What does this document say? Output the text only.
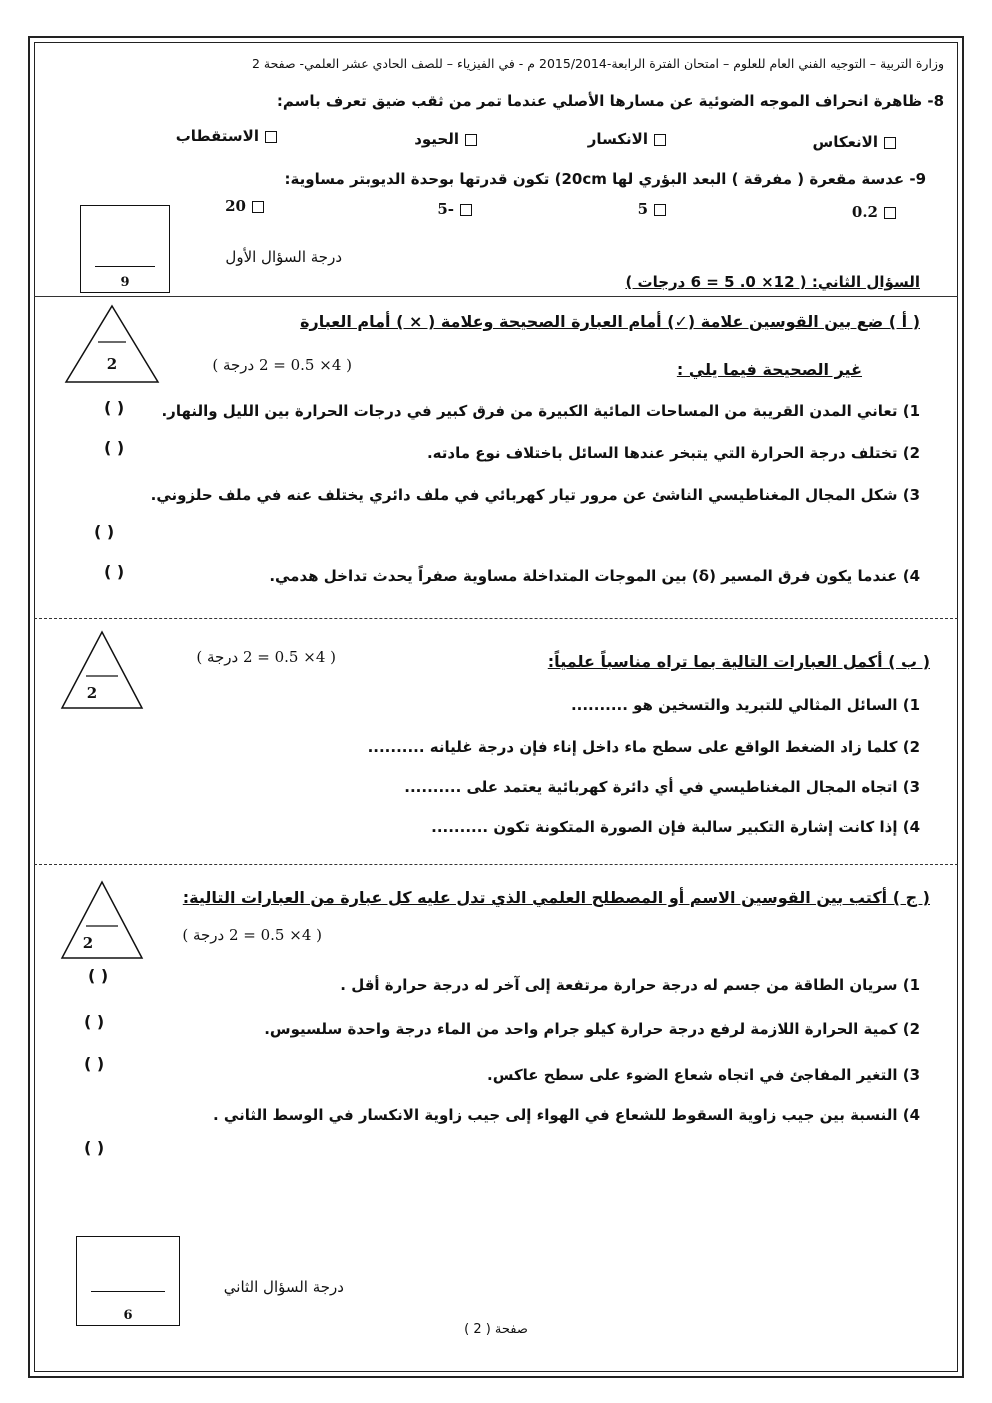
وزارة التربية – التوجيه الفني العام للعلوم – امتحان الفترة الرابعة-2015/2014 م - في الفيزياء – للصف الحادي عشر العلمي- صفحة 2
8- ظاهرة انحراف الموجه الضوئية عن مسارها الأصلي عندما تمر من ثقب ضيق تعرف باسم:
الانعكاس
الانكسار
الحيود
الاستقطاب
9- عدسة مقعرة ( مفرقة ) البعد البؤري لها 20cm) تكون قدرتها بوحدة الديوبتر مساوية:
0.2
5
-5
20
9
درجة السؤال الأول
السؤال الثاني: ( 12× 0. 5 = 6 درجات )
2
( أ ) ضع بين القوسين علامة (✓) أمام العبارة الصحيحة وعلامة ( × ) أمام العبارة
غير الصحيحة فيما يلي :
( 4× 0.5 = 2 درجة )
1) تعاني المدن القريبة من المساحات المائية الكبيرة من فرق كبير في درجات الحرارة بين الليل والنهار.
( )
2) تختلف درجة الحرارة التي يتبخر عندها السائل باختلاف نوع مادته.
( )
3) شكل المجال المغناطيسي الناشئ عن مرور تيار كهربائي في ملف دائري يختلف عنه في ملف حلزوني.
( )
4) عندما يكون فرق المسير (δ) بين الموجات المتداخلة مساوية صفراً يحدث تداخل هدمي.
( )
2
( ب ) أكمل العبارات التالية بما تراه مناسباً علمياً:
( 4× 0.5 = 2 درجة )
1) السائل المثالي للتبريد والتسخين هو ..........
2) كلما زاد الضغط الواقع على سطح ماء داخل إناء فإن درجة غليانه ..........
3) اتجاه المجال المغناطيسي في أي دائرة كهربائية يعتمد على ..........
4) إذا كانت إشارة التكبير سالبة فإن الصورة المتكونة تكون ..........
2
( ج ) أكتب بين القوسين الاسم أو المصطلح العلمي الذي تدل عليه كل عبارة من العبارات التالية:
( 4× 0.5 = 2 درجة )
1) سريان الطاقة من جسم له درجة حرارة مرتفعة إلى آخر له درجة حرارة أقل .
( )
2) كمية الحرارة اللازمة لرفع درجة حرارة كيلو جرام واحد من الماء درجة واحدة سلسيوس.
( )
3) التغير المفاجئ في اتجاه شعاع الضوء على سطح عاكس.
( )
4) النسبة بين جيب زاوية السقوط للشعاع في الهواء إلى جيب زاوية الانكسار في الوسط الثاني .
( )
6
درجة السؤال الثاني
صفحة ( 2 )
